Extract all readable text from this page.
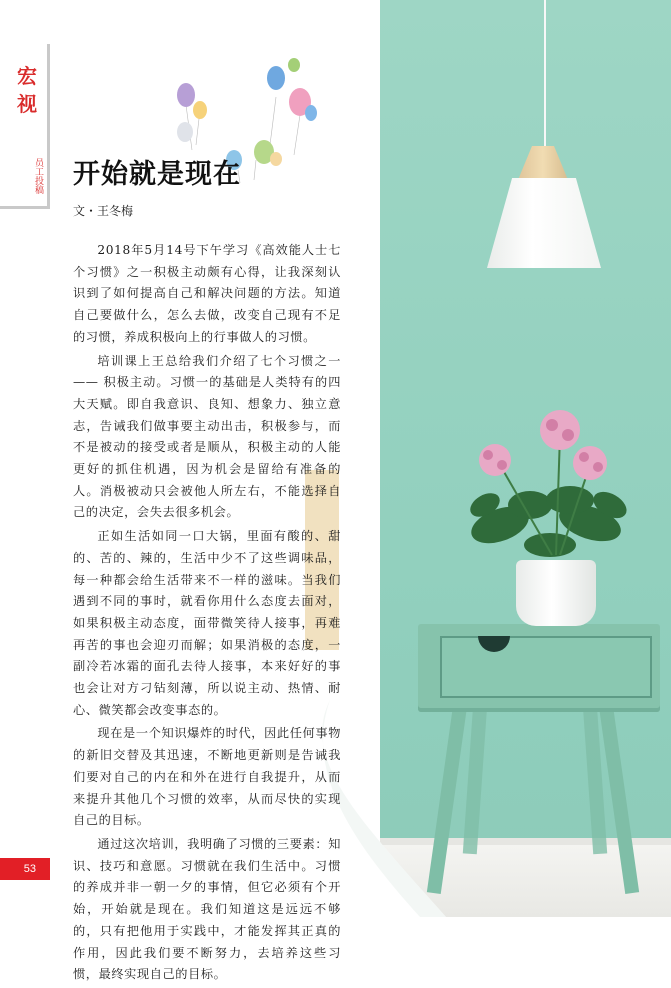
宏视
员工投稿 开始就是现在
文・王冬梅

2018年5月14号下午学习《高效能人士七个习惯》之一积极主动颇有心得，让我深刻认识到了如何提高自己和解决问题的方法。知道自己要做什么，怎么去做，改变自己现有不足的习惯，养成积极向上的行事做人的习惯。

培训课上王总给我们介绍了七个习惯之一 —— 积极主动。习惯一的基础是人类特有的四大天赋。即自我意识、良知、想象力、独立意志，告诫我们做事要主动出击，积极参与，而不是被动的接受或者是顺从，积极主动的人能更好的抓住机遇，因为机会是留给有准备的人。消极被动只会被他人所左右，不能选择自己的决定，会失去很多机会。

正如生活如同一口大锅，里面有酸的、甜的、苦的、辣的，生活中少不了这些调味品，每一种都会给生活带来不一样的滋味。当我们遇到不同的事时，就看你用什么态度去面对，如果积极主动态度，面带微笑待人接事，再难再苦的事也会迎刃而解；如果消极的态度，一副冷若冰霜的面孔去待人接事，本来好好的事也会让对方刁钻刻薄，所以说主动、热情、耐心、微笑都会改变事态的。

现在是一个知识爆炸的时代，因此任何事物的新旧交替及其迅速，不断地更新则是告诫我们要对自己的内在和外在进行自我提升，从而来提升其他几个习惯的效率，从而尽快的实现自己的目标。

通过这次培训，我明确了习惯的三要素：知识、技巧和意愿。习惯就在我们生活中。习惯的养成并非一朝一夕的事情，但它必须有个开始，开始就是现在。我们知道这是远远不够的，只有把他用于实践中，才能发挥其正真的作用，因此我们要不断努力，去培养这些习惯，最终实现自己的目标。

53
